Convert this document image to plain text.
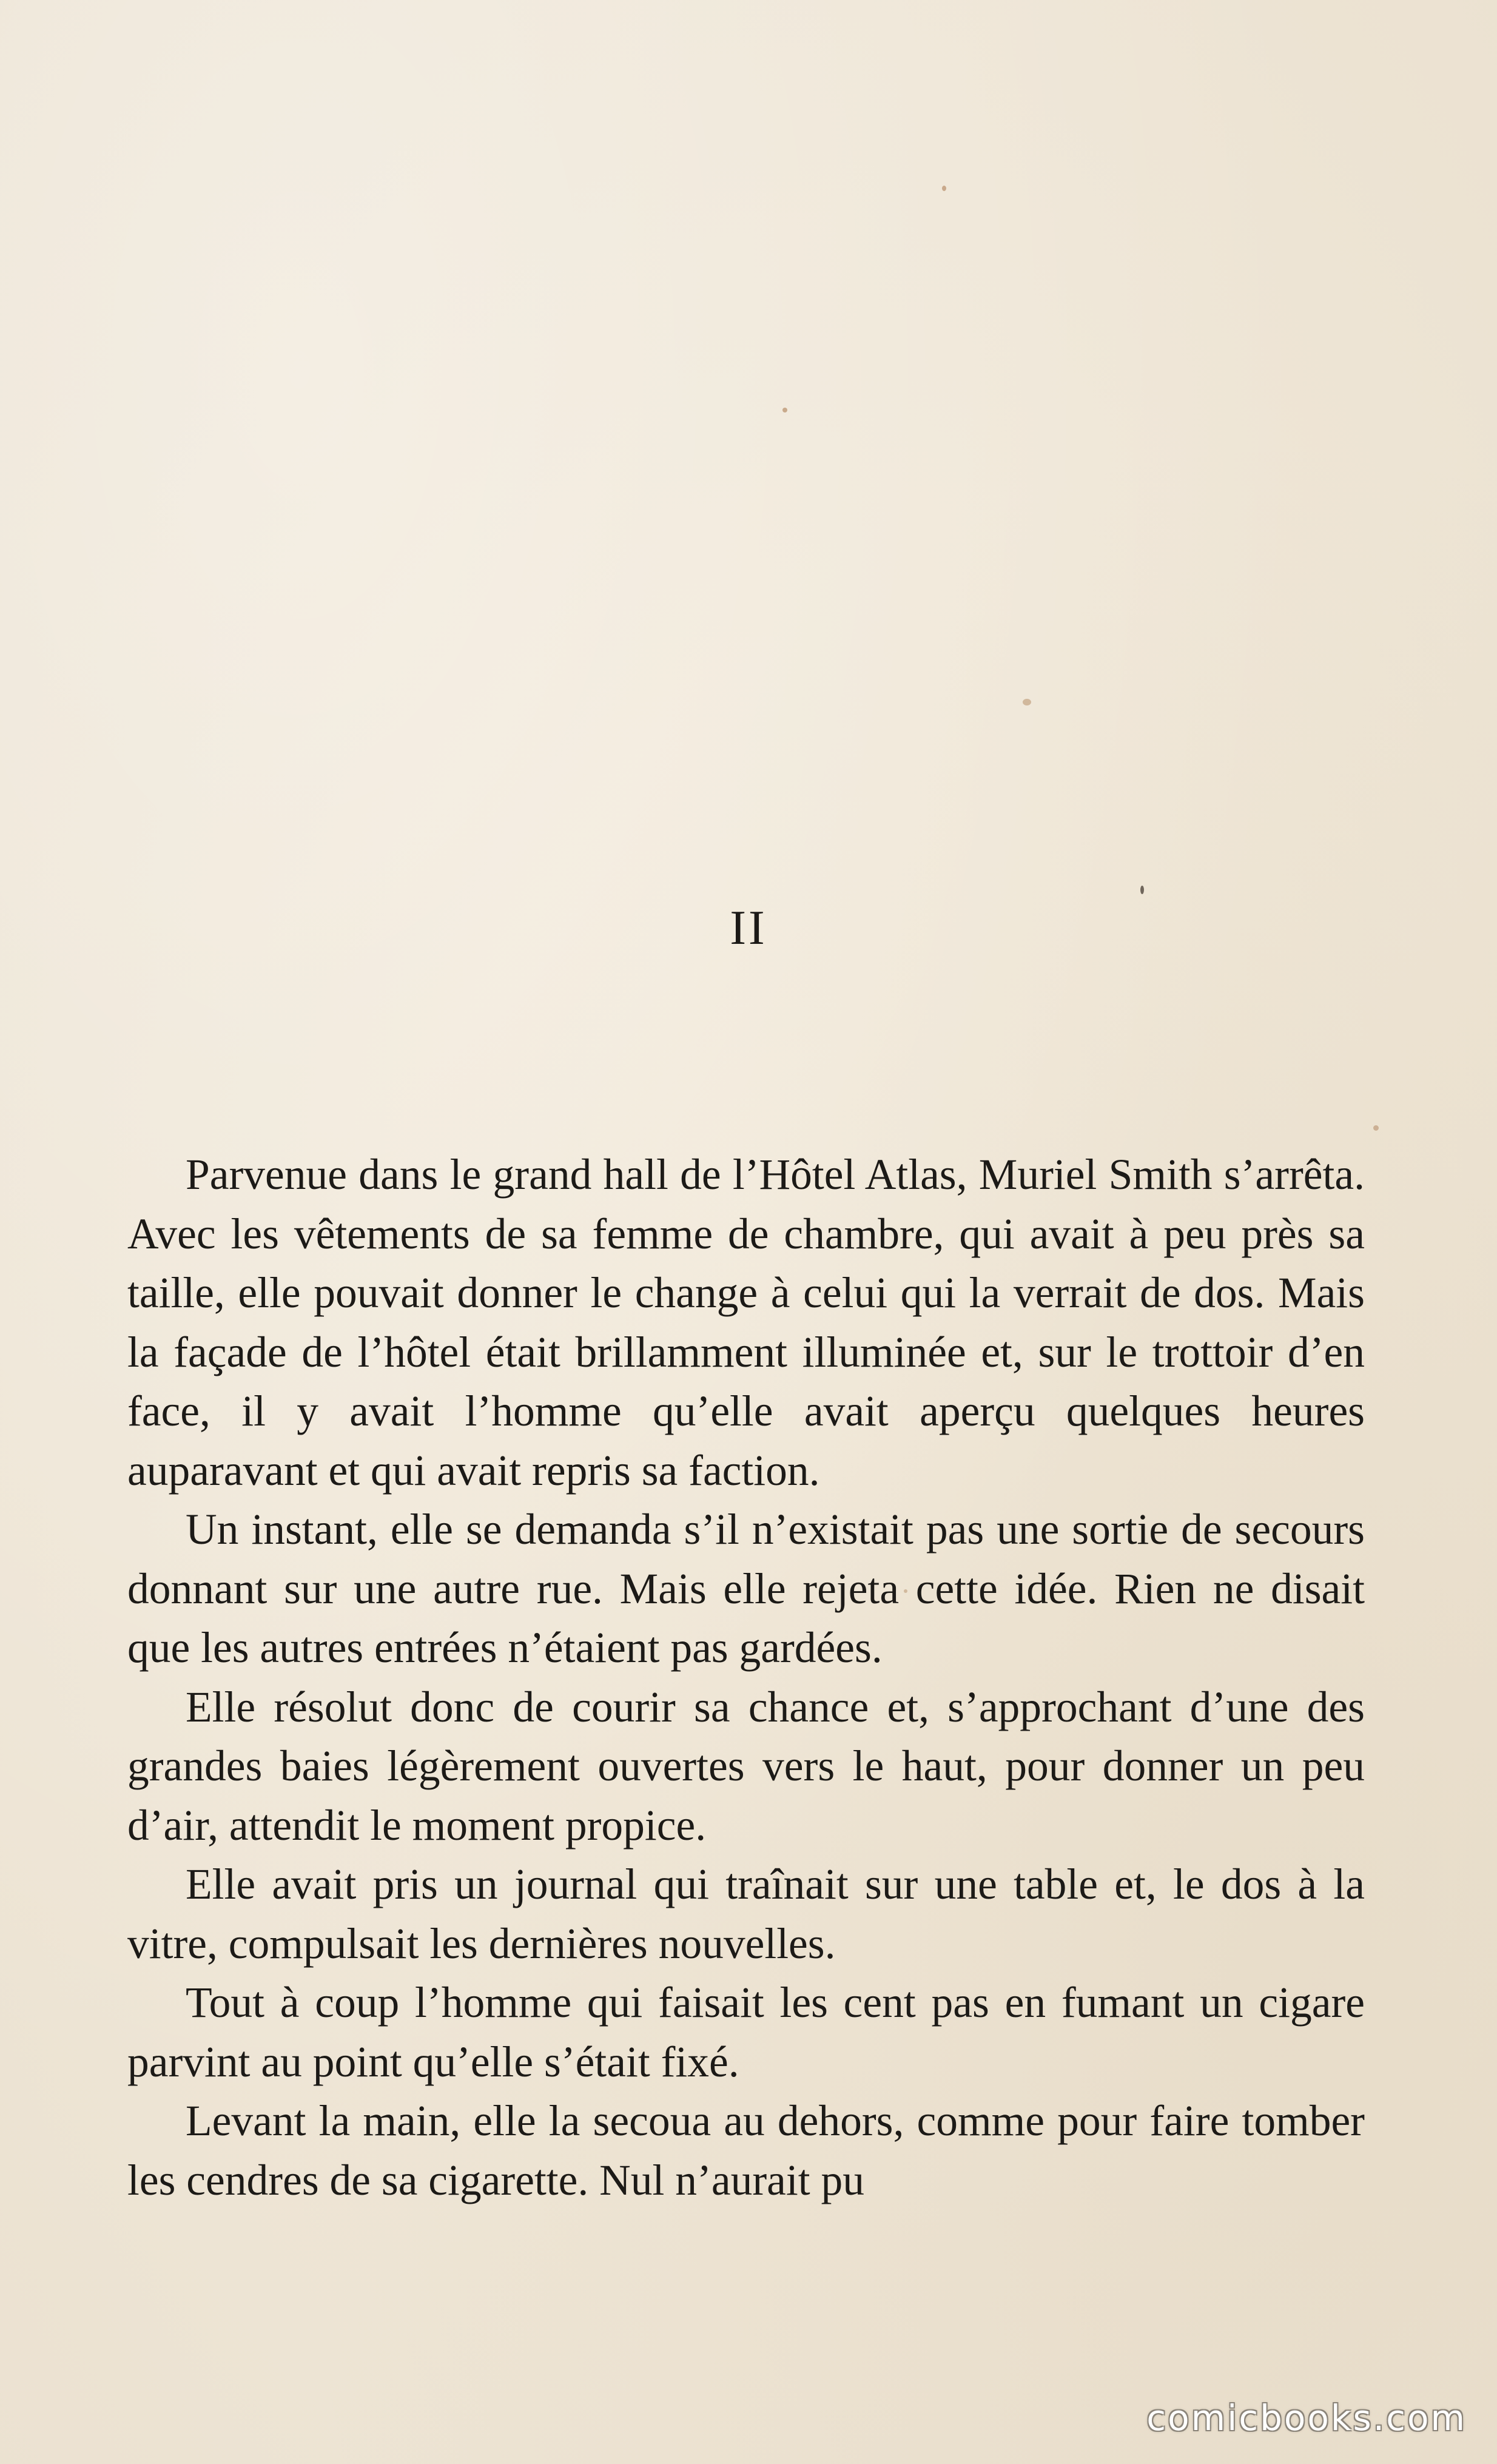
II

Parvenue dans le grand hall de l’Hôtel Atlas, Muriel Smith s’arrêta. Avec les vêtements de sa femme de chambre, qui avait à peu près sa taille, elle pouvait donner le change à celui qui la verrait de dos. Mais la façade de l’hôtel était brillamment illuminée et, sur le trottoir d’en face, il y avait l’homme qu’elle avait aperçu quelques heures auparavant et qui avait repris sa faction.

Un instant, elle se demanda s’il n’existait pas une sortie de secours donnant sur une autre rue. Mais elle rejeta cette idée. Rien ne disait que les autres entrées n’étaient pas gardées.

Elle résolut donc de courir sa chance et, s’approchant d’une des grandes baies légèrement ouvertes vers le haut, pour donner un peu d’air, attendit le moment propice.

Elle avait pris un journal qui traînait sur une table et, le dos à la vitre, compulsait les dernières nouvelles.

Tout à coup l’homme qui faisait les cent pas en fumant un cigare parvint au point qu’elle s’était fixé.

Levant la main, elle la secoua au dehors, comme pour faire tomber les cendres de sa cigarette. Nul n’aurait pu

comicbooks.com
